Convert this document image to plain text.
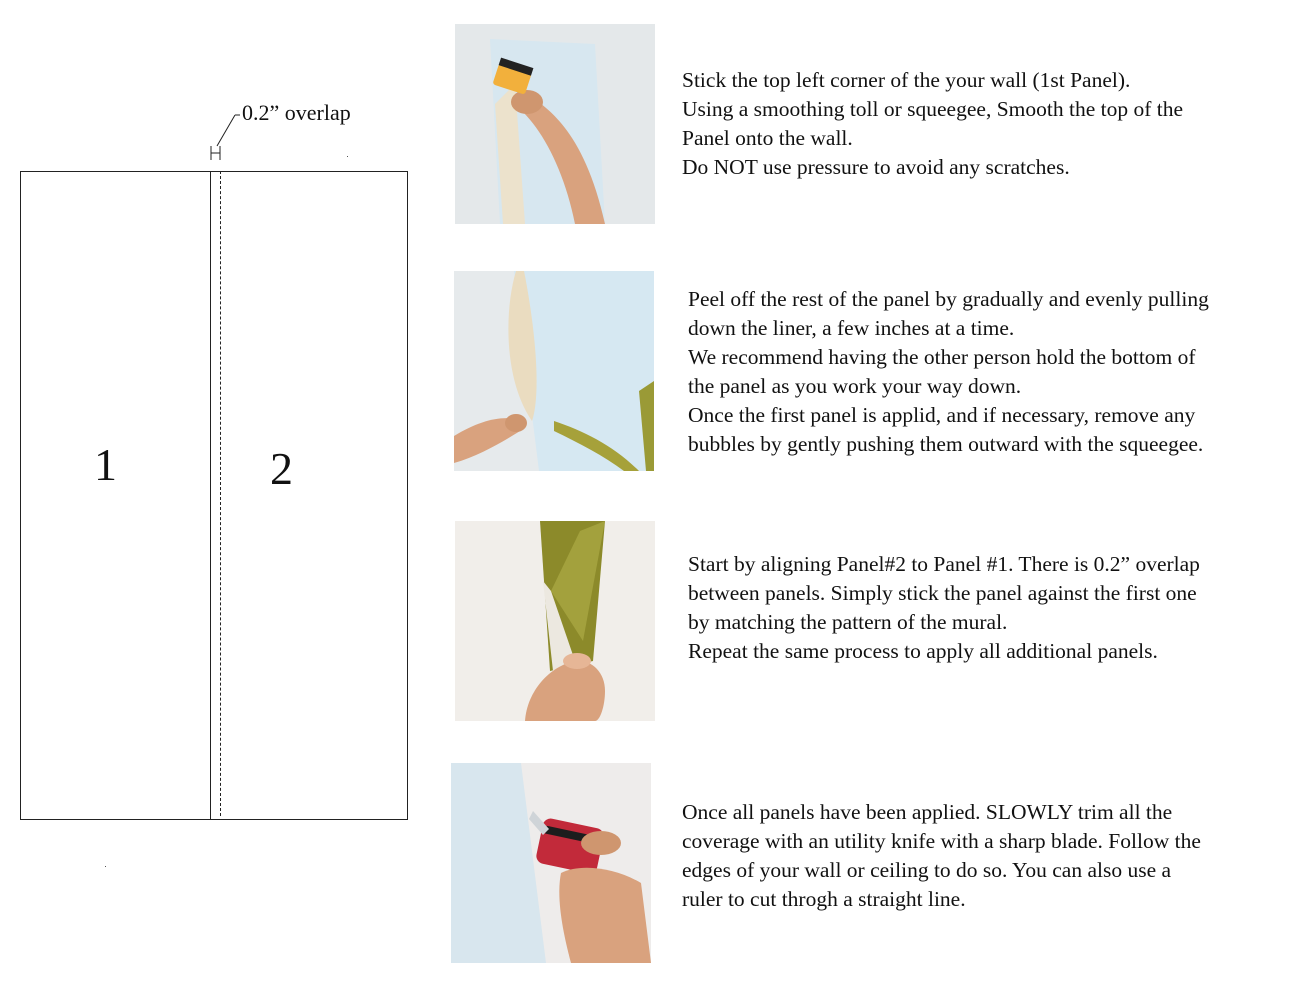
0.2” overlap
1	2

Stick the top left corner of the your wall (1st Panel).

Using a smoothing toll or squeegee, Smooth the top of the

Panel onto the wall.

Do NOT use pressure to avoid any scratches.

Peel off the rest of the panel by gradually and evenly pulling

down the liner, a few inches at a time.

We recommend having the other person hold the bottom of

the panel as you work your way down.

Once the first panel is applid, and if necessary, remove any

bubbles by gently pushing them outward with the squeegee.

Start by aligning Panel#2 to Panel #1. There is 0.2” overlap

between panels. Simply stick the panel against the first one

by matching the pattern of the mural.

Repeat the same process to apply all additional panels.

Once all panels have been applied. SLOWLY trim all the

coverage with an utility knife with a sharp blade. Follow the

edges of your wall or ceiling to do so. You can also use a

ruler to cut throgh a straight line.
